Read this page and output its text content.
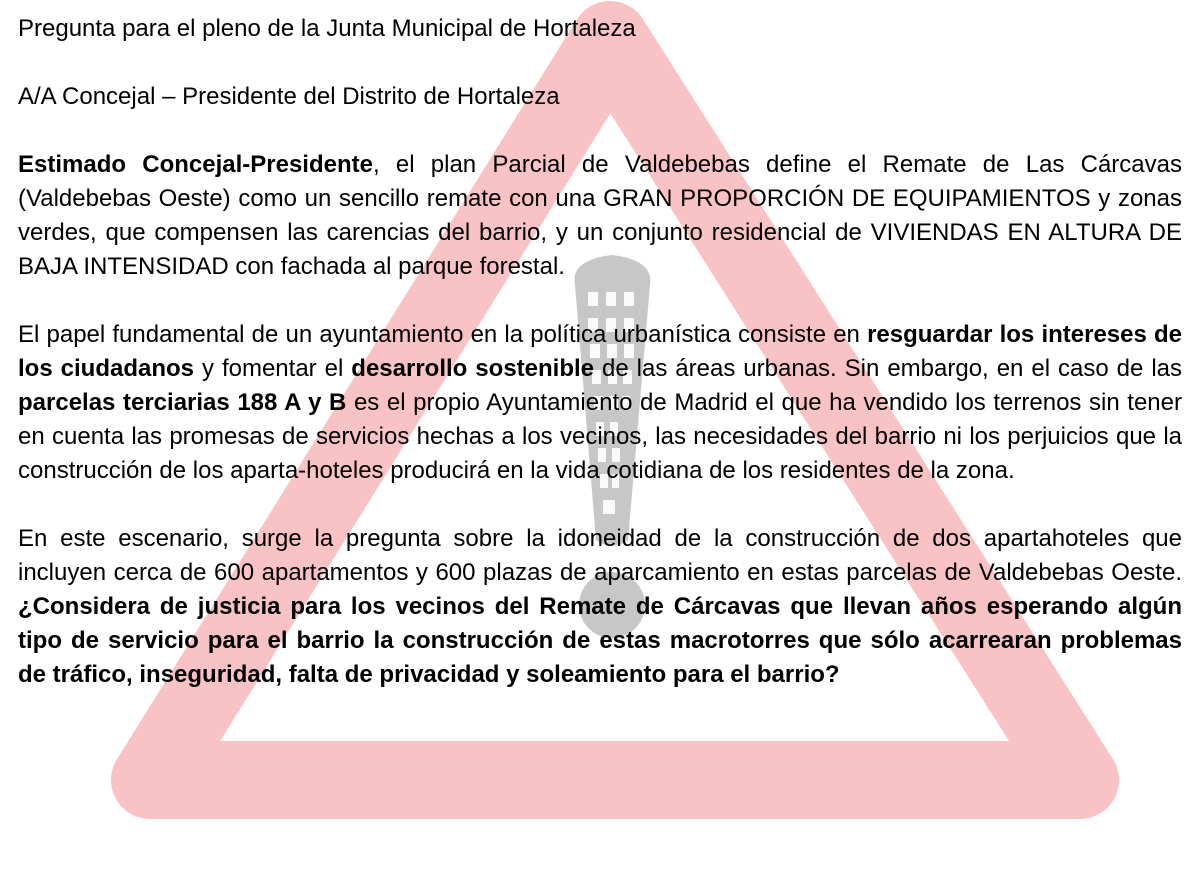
Pregunta para el pleno de la Junta Municipal de Hortaleza

A/A Concejal – Presidente del Distrito de Hortaleza

Estimado Concejal-Presidente, el plan Parcial de Valdebebas define el Remate de Las Cárcavas (Valdebebas Oeste) como un sencillo remate con una GRAN PROPORCIÓN DE EQUIPAMIENTOS y zonas verdes, que compensen las carencias del barrio, y un conjunto residencial de VIVIENDAS EN ALTURA DE BAJA INTENSIDAD con fachada al parque forestal.

El papel fundamental de un ayuntamiento en la política urbanística consiste en resguardar los intereses de los ciudadanos y fomentar el desarrollo sostenible de las áreas urbanas. Sin embargo, en el caso de las parcelas terciarias 188 A y B es el propio Ayuntamiento de Madrid el que ha vendido los terrenos sin tener en cuenta las promesas de servicios hechas a los vecinos, las necesidades del barrio ni los perjuicios que la construcción de los aparta-hoteles producirá en la vida cotidiana de los residentes de la zona.

En este escenario, surge la pregunta sobre la idoneidad de la construcción de dos apartahoteles que incluyen cerca de 600 apartamentos y 600 plazas de aparcamiento en estas parcelas de Valdebebas Oeste. ¿Considera de justicia para los vecinos del Remate de Cárcavas que llevan años esperando algún tipo de servicio para el barrio la construcción de estas macrotorres que sólo acarrearan problemas de tráfico, inseguridad, falta de privacidad y soleamiento para el barrio?
